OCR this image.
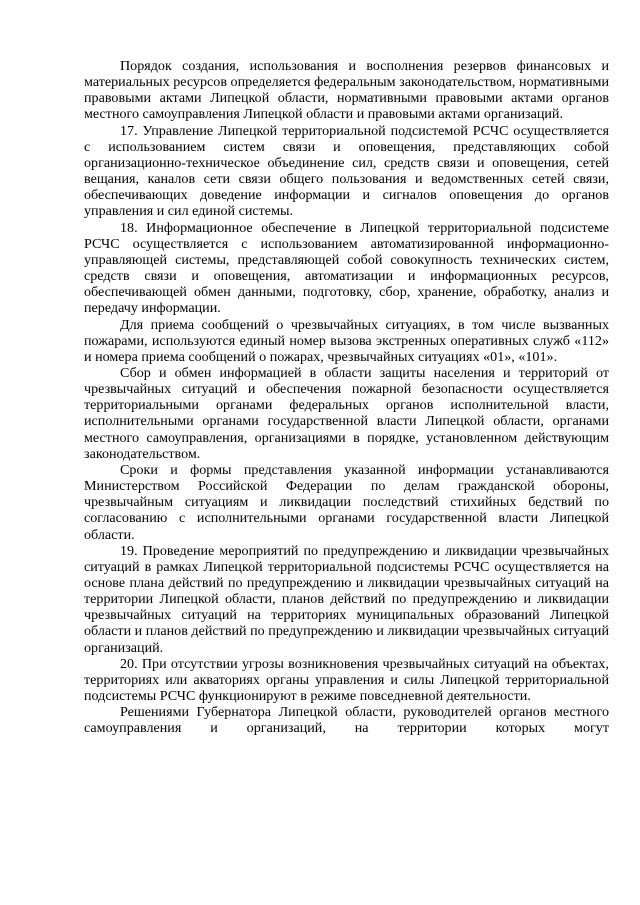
Порядок создания, использования и восполнения резервов финансовых и материальных ресурсов определяется федеральным законодательством, нормативными правовыми актами Липецкой области, нормативными правовыми актами органов местного самоуправления Липецкой области и правовыми актами организаций.

17. Управление Липецкой территориальной подсистемой РСЧС осуществляется с использованием систем связи и оповещения, представляющих собой организационно-техническое объединение сил, средств связи и оповещения, сетей вещания, каналов сети связи общего пользования и ведомственных сетей связи, обеспечивающих доведение информации и сигналов оповещения до органов управления и сил единой системы.

18. Информационное обеспечение в Липецкой территориальной подсистеме РСЧС осуществляется с использованием автоматизированной информационно-управляющей системы, представляющей собой совокупность технических систем, средств связи и оповещения, автоматизации и информационных ресурсов, обеспечивающей обмен данными, подготовку, сбор, хранение, обработку, анализ и передачу информации.

Для приема сообщений о чрезвычайных ситуациях, в том числе вызванных пожарами, используются единый номер вызова экстренных оперативных служб «112» и номера приема сообщений о пожарах, чрезвычайных ситуациях «01», «101».

Сбор и обмен информацией в области защиты населения и территорий от чрезвычайных ситуаций и обеспечения пожарной безопасности осуществляется территориальными органами федеральных органов исполнительной власти, исполнительными органами государственной власти Липецкой области, органами местного самоуправления, организациями в порядке, установленном действующим законодательством.

Сроки и формы представления указанной информации устанавливаются Министерством Российской Федерации по делам гражданской обороны, чрезвычайным ситуациям и ликвидации последствий стихийных бедствий по согласованию с исполнительными органами государственной власти Липецкой области.

19. Проведение мероприятий по предупреждению и ликвидации чрезвычайных ситуаций в рамках Липецкой территориальной подсистемы РСЧС осуществляется на основе плана действий по предупреждению и ликвидации чрезвычайных ситуаций на территории Липецкой области, планов действий по предупреждению и ликвидации чрезвычайных ситуаций на территориях муниципальных образований Липецкой области и планов действий по предупреждению и ликвидации чрезвычайных ситуаций организаций.

20. При отсутствии угрозы возникновения чрезвычайных ситуаций на объектах, территориях или акваториях органы управления и силы Липецкой территориальной подсистемы РСЧС функционируют в режиме повседневной деятельности.

Решениями Губернатора Липецкой области, руководителей органов местного самоуправления и организаций, на территории которых могут
